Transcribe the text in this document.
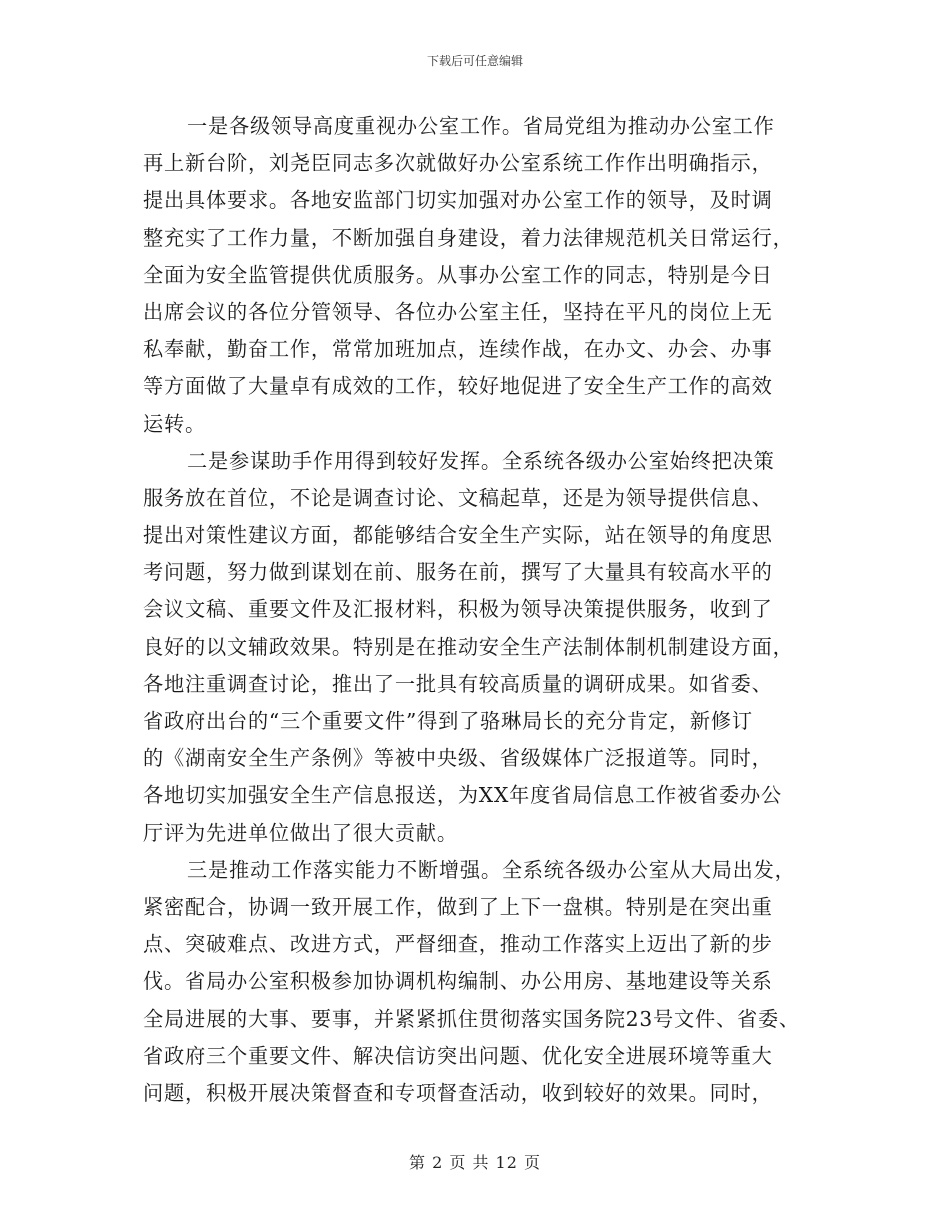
下载后可任意编辑
一是各级领导高度重视办公室工作。省局党组为推动办公室工作
再上新台阶，刘尧臣同志多次就做好办公室系统工作作出明确指示，
提出具体要求。各地安监部门切实加强对办公室工作的领导，及时调
整充实了工作力量，不断加强自身建设，着力法律规范机关日常运行，
全面为安全监管提供优质服务。从事办公室工作的同志，特别是今日
出席会议的各位分管领导、各位办公室主任，坚持在平凡的岗位上无
私奉献，勤奋工作，常常加班加点，连续作战，在办文、办会、办事
等方面做了大量卓有成效的工作，较好地促进了安全生产工作的高效
运转。
二是参谋助手作用得到较好发挥。全系统各级办公室始终把决策
服务放在首位，不论是调查讨论、文稿起草，还是为领导提供信息、
提出对策性建议方面，都能够结合安全生产实际，站在领导的角度思
考问题，努力做到谋划在前、服务在前，撰写了大量具有较高水平的
会议文稿、重要文件及汇报材料，积极为领导决策提供服务，收到了
良好的以文辅政效果。特别是在推动安全生产法制体制机制建设方面，
各地注重调查讨论，推出了一批具有较高质量的调研成果。如省委、
省政府出台的“三个重要文件”得到了骆琳局长的充分肯定，新修订
的《湖南安全生产条例》等被中央级、省级媒体广泛报道等。同时，
各地切实加强安全生产信息报送，为XX年度省局信息工作被省委办公
厅评为先进单位做出了很大贡献。
三是推动工作落实能力不断增强。全系统各级办公室从大局出发，
紧密配合，协调一致开展工作，做到了上下一盘棋。特别是在突出重
点、突破难点、改进方式，严督细查，推动工作落实上迈出了新的步
伐。省局办公室积极参加协调机构编制、办公用房、基地建设等关系
全局进展的大事、要事，并紧紧抓住贯彻落实国务院23号文件、省委、
省政府三个重要文件、解决信访突出问题、优化安全进展环境等重大
问题，积极开展决策督查和专项督查活动，收到较好的效果。同时，
第 2 页 共 12 页
